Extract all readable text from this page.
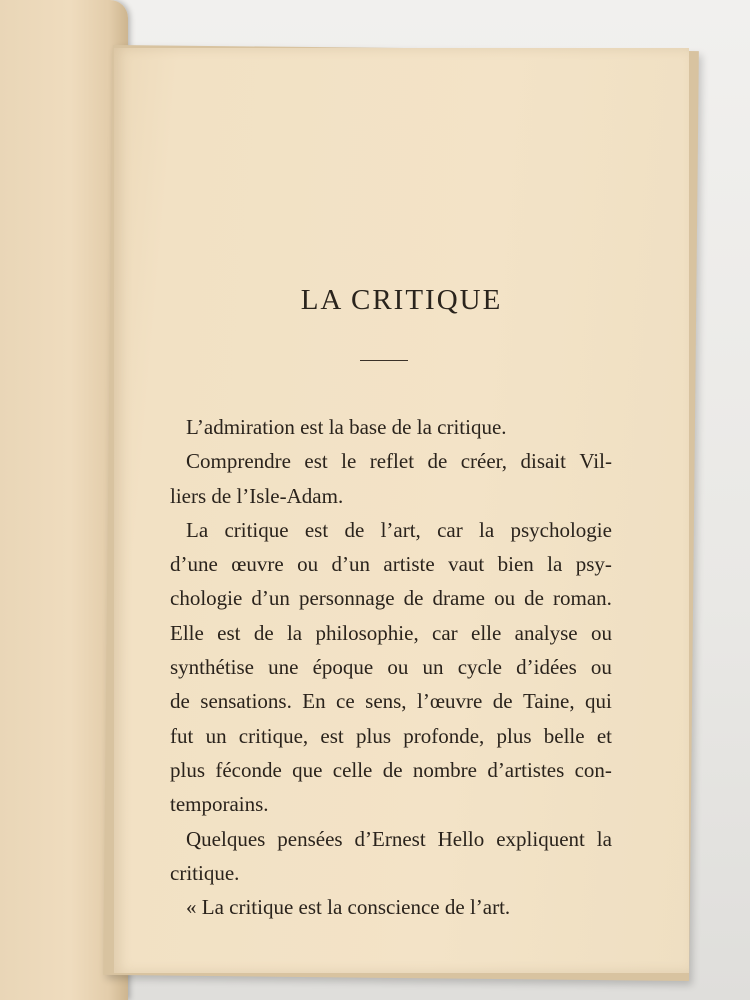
LA CRITIQUE
L’admiration est la base de la critique.
Comprendre est le reflet de créer, disait Vil-
liers de l’Isle-Adam.
La critique est de l’art, car la psychologie
d’une œuvre ou d’un artiste vaut bien la psy-
chologie d’un personnage de drame ou de roman.
Elle est de la philosophie, car elle analyse ou
synthétise une époque ou un cycle d’idées ou
de sensations. En ce sens, l’œuvre de Taine, qui
fut un critique, est plus profonde, plus belle et
plus féconde que celle de nombre d’artistes con-
temporains.
Quelques pensées d’Ernest Hello expliquent la
critique.
« La critique est la conscience de l’art.
